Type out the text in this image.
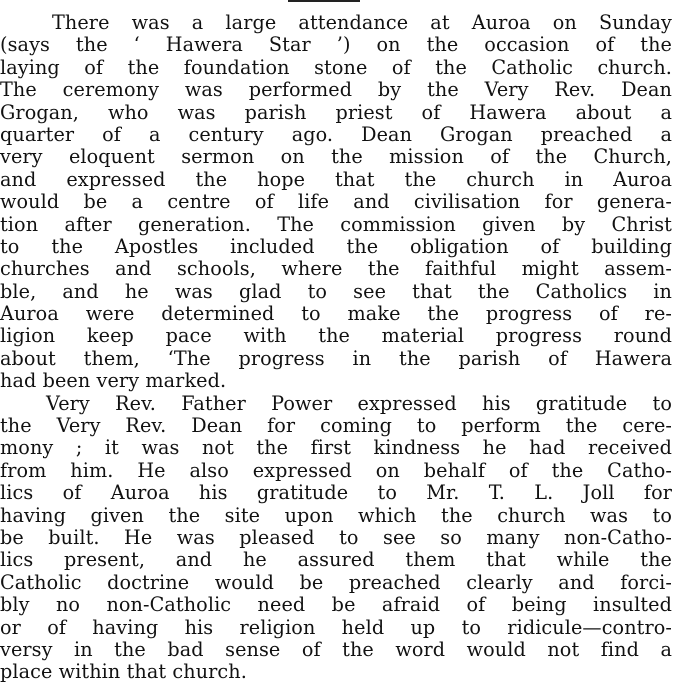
There was a large attendance at Auroa on Sunday
(says the ‘ Hawera Star ’) on the occasion of the
laying of the foundation stone of the Catholic church.
The ceremony was performed by the Very Rev. Dean
Grogan, who was parish priest of Hawera about a
quarter of a century ago. Dean Grogan preached a
very eloquent sermon on the mission of the Church,
and expressed the hope that the church in Auroa
would be a centre of life and civilisation for genera-
tion after generation. The commission given by Christ
to the Apostles included the obligation of building
churches and schools, where the faithful might assem-
ble, and he was glad to see that the Catholics in
Auroa were determined to make the progress of re-
ligion keep pace with the material progress round
about them, ‘The progress in the parish of Hawera
had been very marked.
Very Rev. Father Power expressed his gratitude to
the Very Rev. Dean for coming to perform the cere-
mony ; it was not the first kindness he had received
from him. He also expressed on behalf of the Catho-
lics of Auroa his gratitude to Mr. T. L. Joll for
having given the site upon which the church was to
be built. He was pleased to see so many non-Catho-
lics present, and he assured them that while the
Catholic doctrine would be preached clearly and forci-
bly no non-Catholic need be afraid of being insulted
or of having his religion held up to ridicule—contro-
versy in the bad sense of the word would not find a
place within that church.
